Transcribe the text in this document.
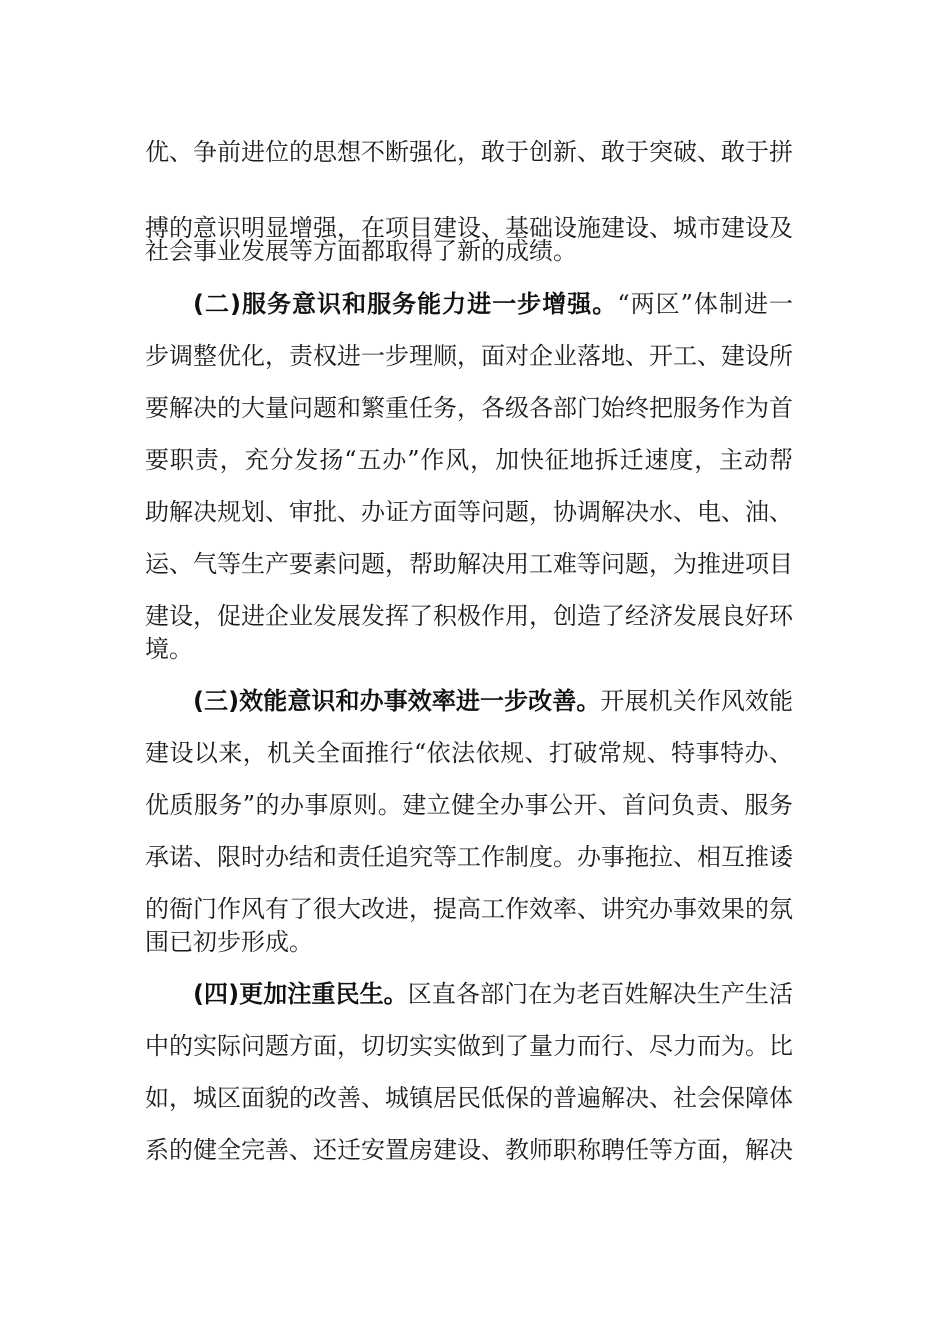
优、争前进位的思想不断强化，敢于创新、敢于突破、敢于拼
搏的意识明显增强，在项目建设、基础设施建设、城市建设及
社会事业发展等方面都取得了新的成绩。
(二)服务意识和服务能力进一步增强。“两区”体制进一
步调整优化，责权进一步理顺，面对企业落地、开工、建设所
要解决的大量问题和繁重任务，各级各部门始终把服务作为首
要职责，充分发扬“五办”作风，加快征地拆迁速度，主动帮
助解决规划、审批、办证方面等问题，协调解决水、电、油、
运、气等生产要素问题，帮助解决用工难等问题，为推进项目
建设，促进企业发展发挥了积极作用，创造了经济发展良好环
境。
(三)效能意识和办事效率进一步改善。开展机关作风效能
建设以来，机关全面推行“依法依规、打破常规、特事特办、
优质服务”的办事原则。建立健全办事公开、首问负责、服务
承诺、限时办结和责任追究等工作制度。办事拖拉、相互推诿
的衙门作风有了很大改进，提高工作效率、讲究办事效果的氛
围已初步形成。
(四)更加注重民生。区直各部门在为老百姓解决生产生活
中的实际问题方面，切切实实做到了量力而行、尽力而为。比
如，城区面貌的改善、城镇居民低保的普遍解决、社会保障体
系的健全完善、还迁安置房建设、教师职称聘任等方面，解决
